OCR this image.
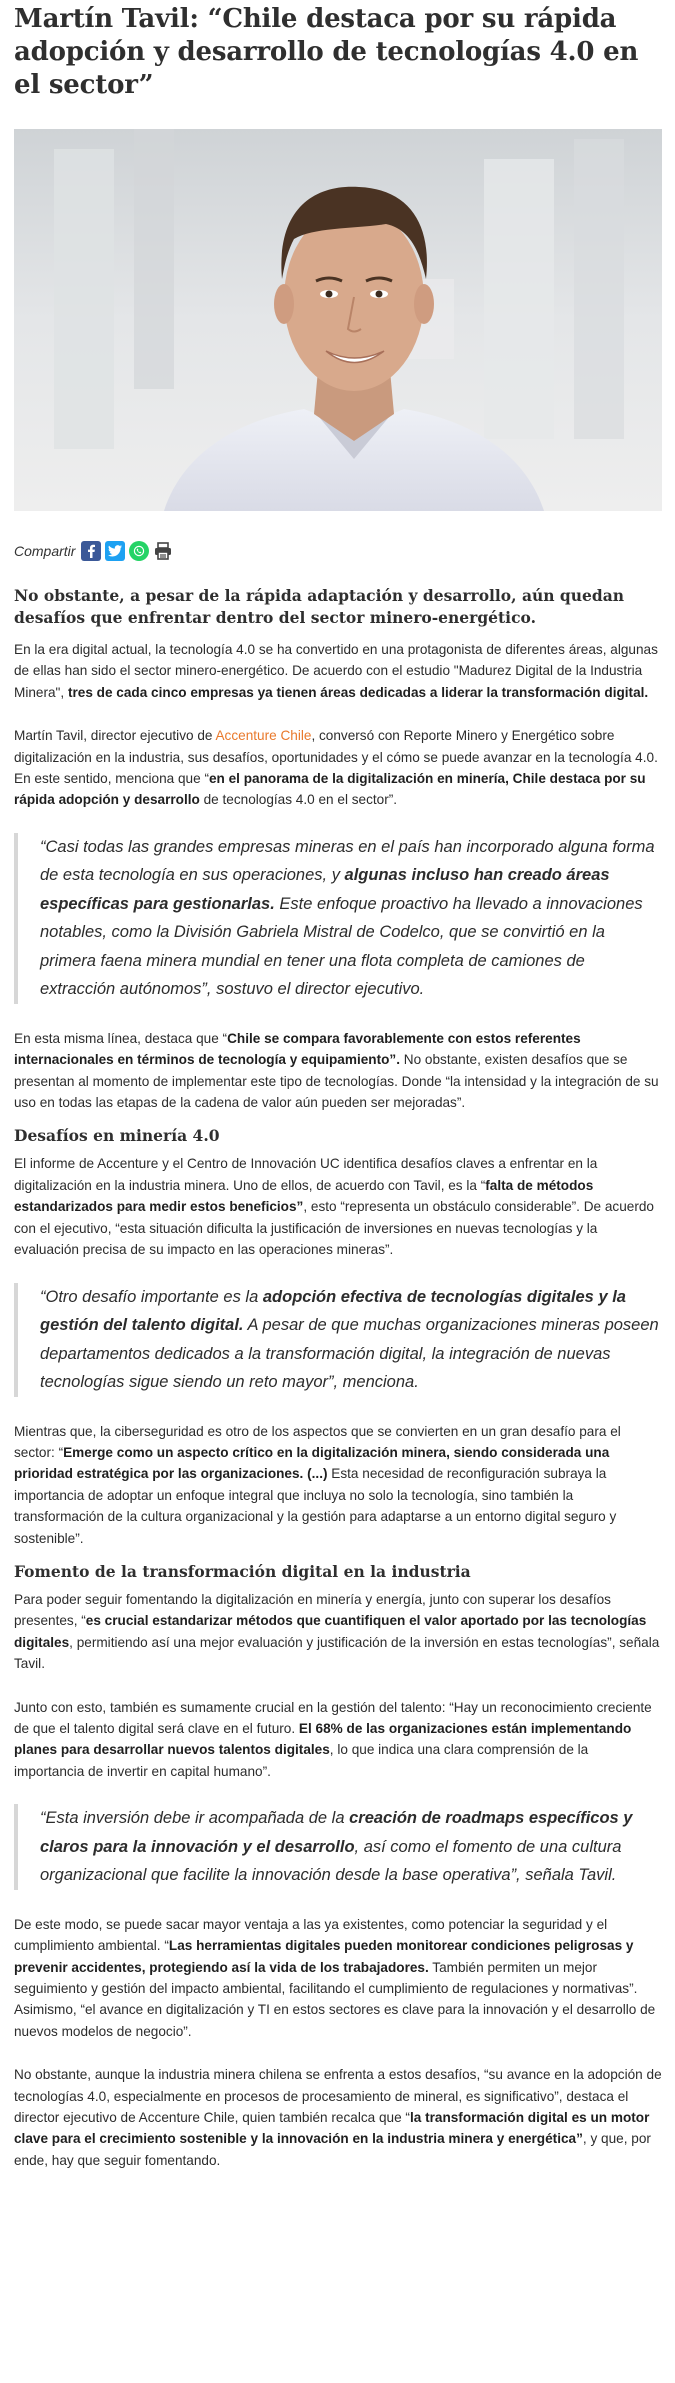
Martín Tavil: “Chile destaca por su rápida adopción y desarrollo de tecnologías 4.0 en el sector”
Compartir

No obstante, a pesar de la rápida adaptación y desarrollo, aún quedan desafíos que enfrentar dentro del sector minero-energético.

En la era digital actual, la tecnología 4.0 se ha convertido en una protagonista de diferentes áreas, algunas de ellas han sido el sector minero-energético. De acuerdo con el estudio "Madurez Digital de la Industria Minera", tres de cada cinco empresas ya tienen áreas dedicadas a liderar la transformación digital.

Martín Tavil, director ejecutivo de Accenture Chile, conversó con Reporte Minero y Energético sobre digitalización en la industria, sus desafíos, oportunidades y el cómo se puede avanzar en la tecnología 4.0. En este sentido, menciona que “en el panorama de la digitalización en minería, Chile destaca por su rápida adopción y desarrollo de tecnologías 4.0 en el sector”.

“Casi todas las grandes empresas mineras en el país han incorporado alguna forma de esta tecnología en sus operaciones, y algunas incluso han creado áreas específicas para gestionarlas. Este enfoque proactivo ha llevado a innovaciones notables, como la División Gabriela Mistral de Codelco, que se convirtió en la primera faena minera mundial en tener una flota completa de camiones de extracción autónomos”, sostuvo el director ejecutivo.

En esta misma línea, destaca que “Chile se compara favorablemente con estos referentes internacionales en términos de tecnología y equipamiento”. No obstante, existen desafíos que se presentan al momento de implementar este tipo de tecnologías. Donde “la intensidad y la integración de su uso en todas las etapas de la cadena de valor aún pueden ser mejoradas”.

Desafíos en minería 4.0

El informe de Accenture y el Centro de Innovación UC identifica desafíos claves a enfrentar en la digitalización en la industria minera. Uno de ellos, de acuerdo con Tavil, es la “falta de métodos estandarizados para medir estos beneficios”, esto “representa un obstáculo considerable”. De acuerdo con el ejecutivo, “esta situación dificulta la justificación de inversiones en nuevas tecnologías y la evaluación precisa de su impacto en las operaciones mineras”.

“Otro desafío importante es la adopción efectiva de tecnologías digitales y la gestión del talento digital. A pesar de que muchas organizaciones mineras poseen departamentos dedicados a la transformación digital, la integración de nuevas tecnologías sigue siendo un reto mayor”, menciona.

Mientras que, la ciberseguridad es otro de los aspectos que se convierten en un gran desafío para el sector: “Emerge como un aspecto crítico en la digitalización minera, siendo considerada una prioridad estratégica por las organizaciones. (...) Esta necesidad de reconfiguración subraya la importancia de adoptar un enfoque integral que incluya no solo la tecnología, sino también la transformación de la cultura organizacional y la gestión para adaptarse a un entorno digital seguro y sostenible”.

Fomento de la transformación digital en la industria

Para poder seguir fomentando la digitalización en minería y energía, junto con superar los desafíos presentes, “es crucial estandarizar métodos que cuantifiquen el valor aportado por las tecnologías digitales, permitiendo así una mejor evaluación y justificación de la inversión en estas tecnologías”, señala Tavil.

Junto con esto, también es sumamente crucial en la gestión del talento: “Hay un reconocimiento creciente de que el talento digital será clave en el futuro. El 68% de las organizaciones están implementando planes para desarrollar nuevos talentos digitales, lo que indica una clara comprensión de la importancia de invertir en capital humano”.

“Esta inversión debe ir acompañada de la creación de roadmaps específicos y claros para la innovación y el desarrollo, así como el fomento de una cultura organizacional que facilite la innovación desde la base operativa”, señala Tavil.

De este modo, se puede sacar mayor ventaja a las ya existentes, como potenciar la seguridad y el cumplimiento ambiental. “Las herramientas digitales pueden monitorear condiciones peligrosas y prevenir accidentes, protegiendo así la vida de los trabajadores. También permiten un mejor seguimiento y gestión del impacto ambiental, facilitando el cumplimiento de regulaciones y normativas”. Asimismo, “el avance en digitalización y TI en estos sectores es clave para la innovación y el desarrollo de nuevos modelos de negocio”.

No obstante, aunque la industria minera chilena se enfrenta a estos desafíos, “su avance en la adopción de tecnologías 4.0, especialmente en procesos de procesamiento de mineral, es significativo”, destaca el director ejecutivo de Accenture Chile, quien también recalca que “la transformación digital es un motor clave para el crecimiento sostenible y la innovación en la industria minera y energética”, y que, por ende, hay que seguir fomentando.
